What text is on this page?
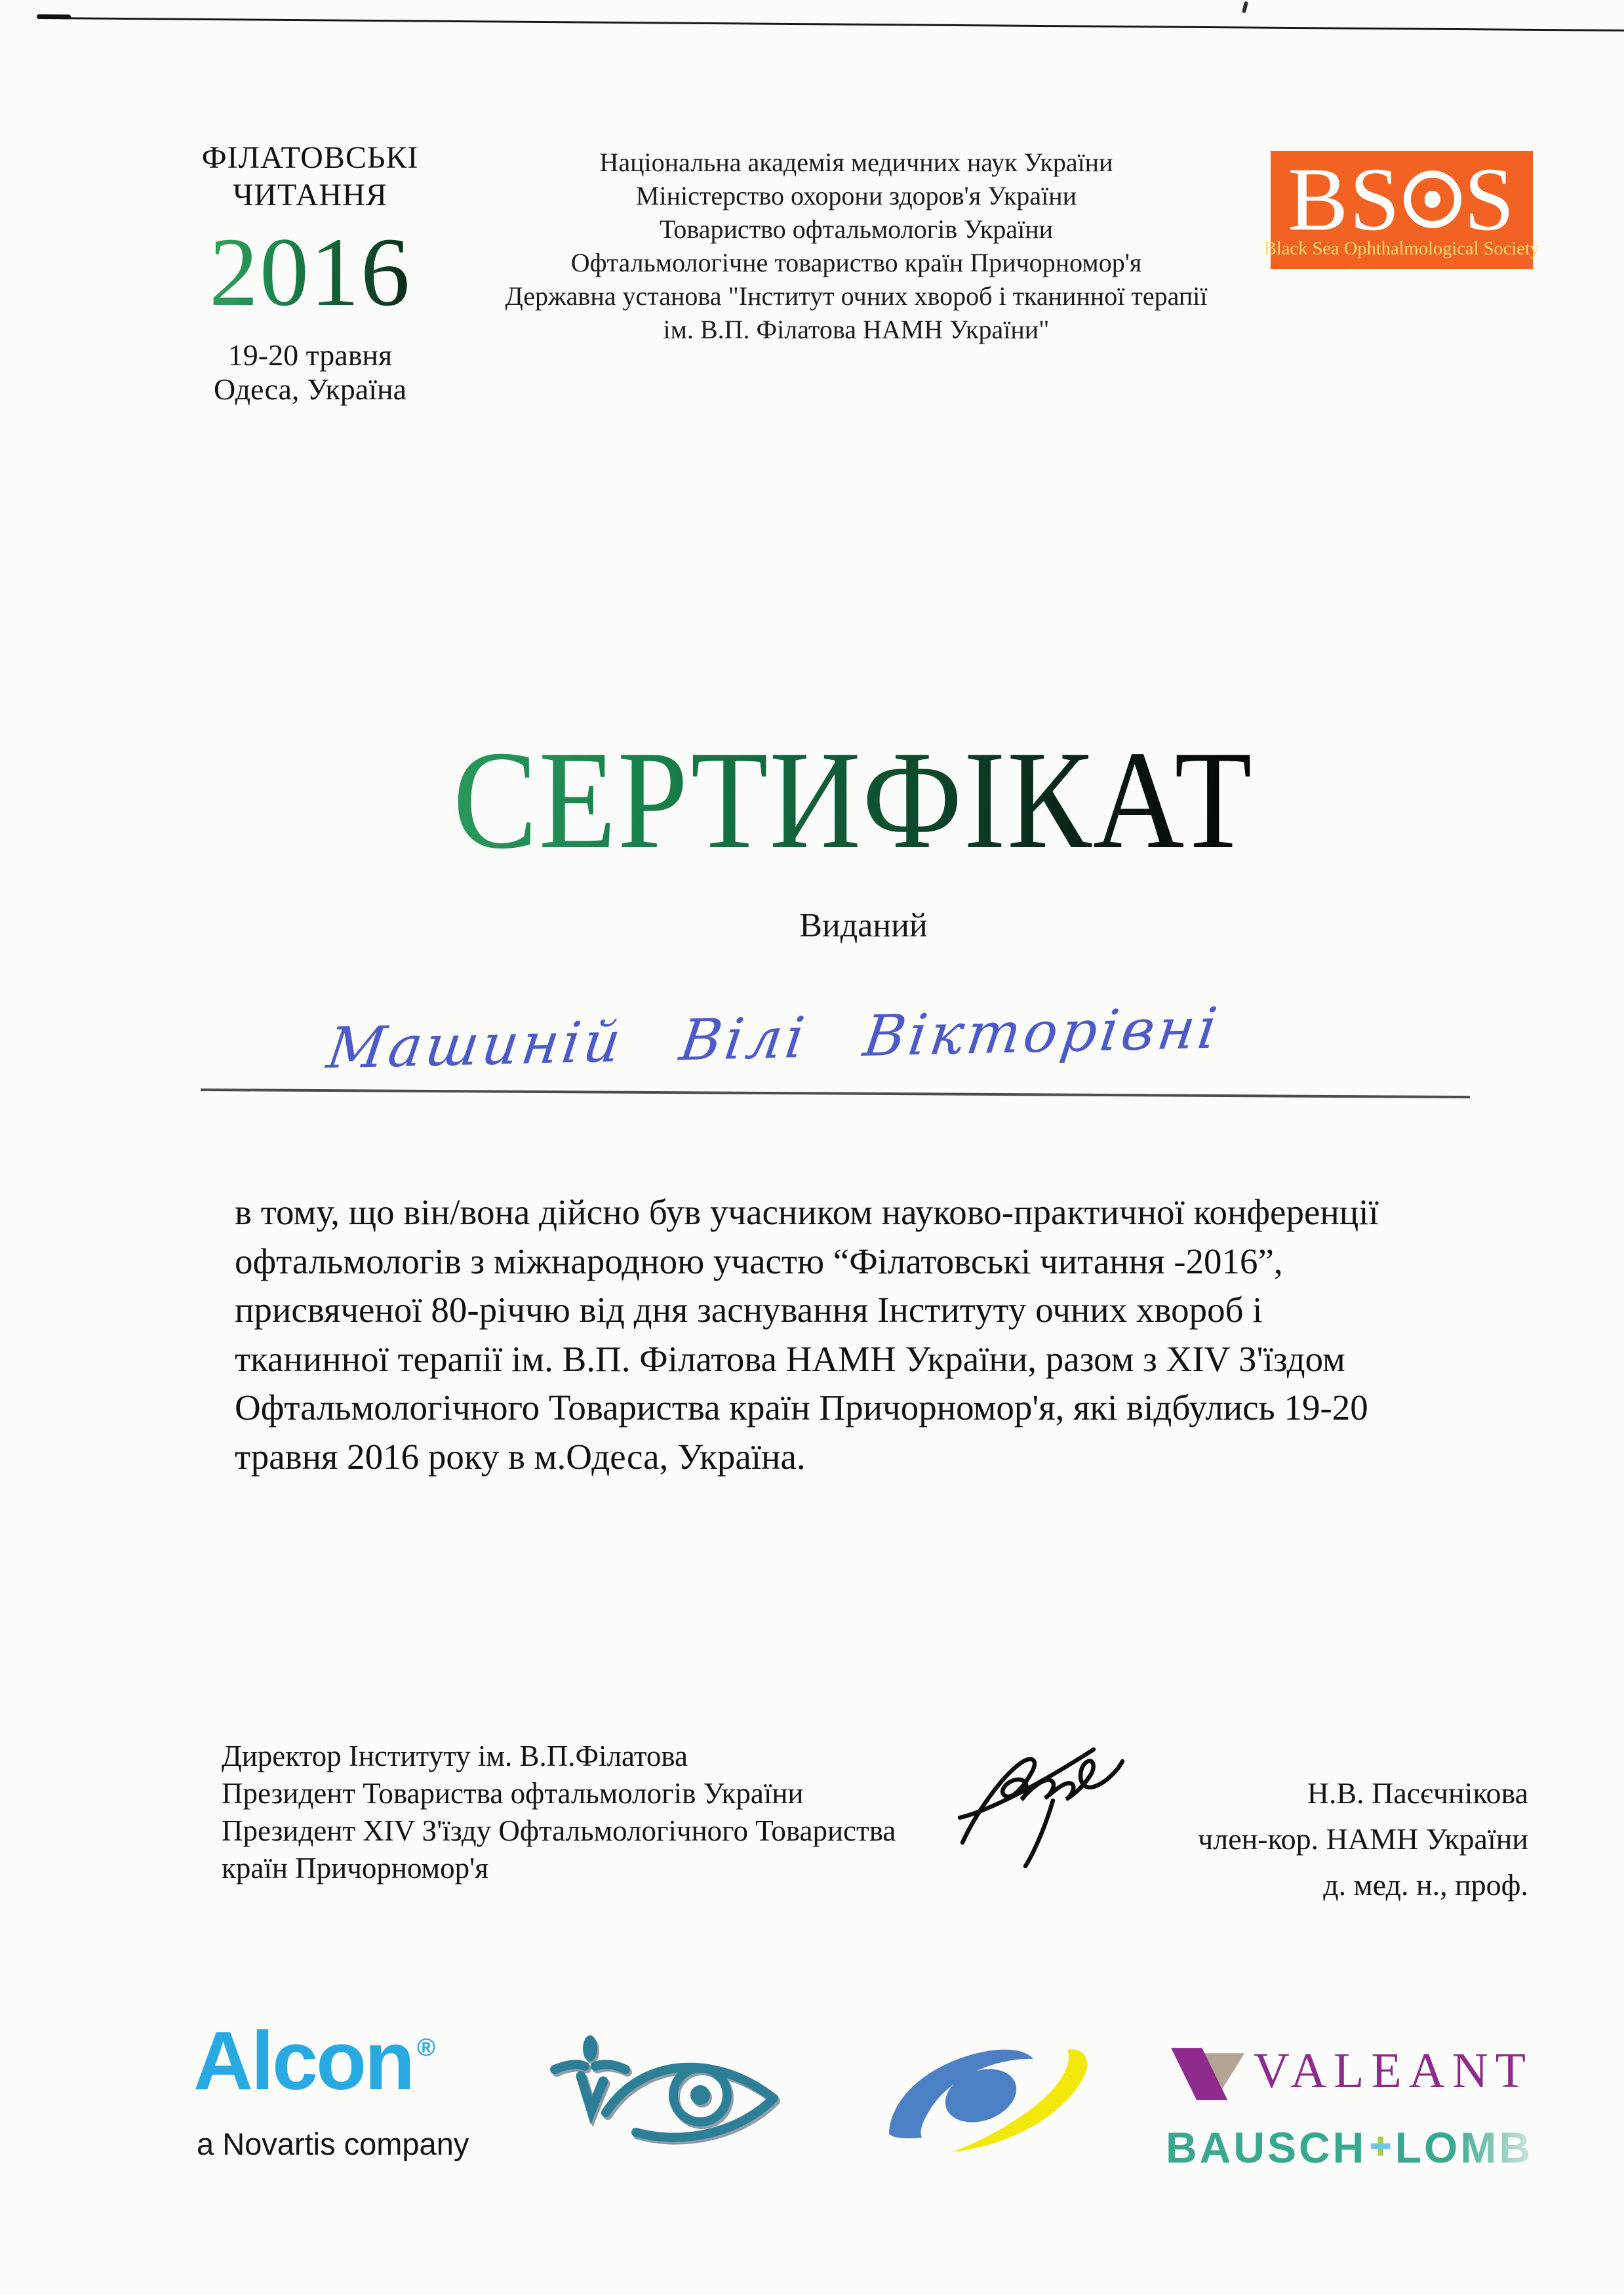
ФІЛАТОВСЬКІ
ЧИТАННЯ
2016
19-20 травня
Одеса, Україна
Національна академія медичних наук України
Міністерство охорони здоров'я України
Товариство офтальмологів України
Офтальмологічне товариство країн Причорномор'я
Державна установа "Інститут очних хвороб і тканинної терапії
ім. В.П. Філатова НАМН України"
BS S
Black Sea Ophthalmological Society
СЕРТИФІКАТ
Виданий
Машиній Вілі Вікторівні
в тому, що він/вона дійсно був учасником науково-практичної конференції
офтальмологів з міжнародною участю “Філатовські читання -2016”,
присвяченої 80-річчю від дня заснування Інституту очних хвороб і
тканинної терапії ім. В.П. Філатова НАМН України, разом з XIV З'їздом
Офтальмологічного Товариства країн Причорномор'я, які відбулись 19-20
травня 2016 року в м.Одеса, Україна.
Директор Інституту ім. В.П.Філатова
Президент Товариства офтальмологів України
Президент XIV З'їзду Офтальмологічного Товариства
країн Причорномор'я
Н.В. Пасєчнікова
член-кор. НАМН України
д. мед. н., проф.
Alcon ®
a Novartis company
VALEANT
BAUSCH LOMB
